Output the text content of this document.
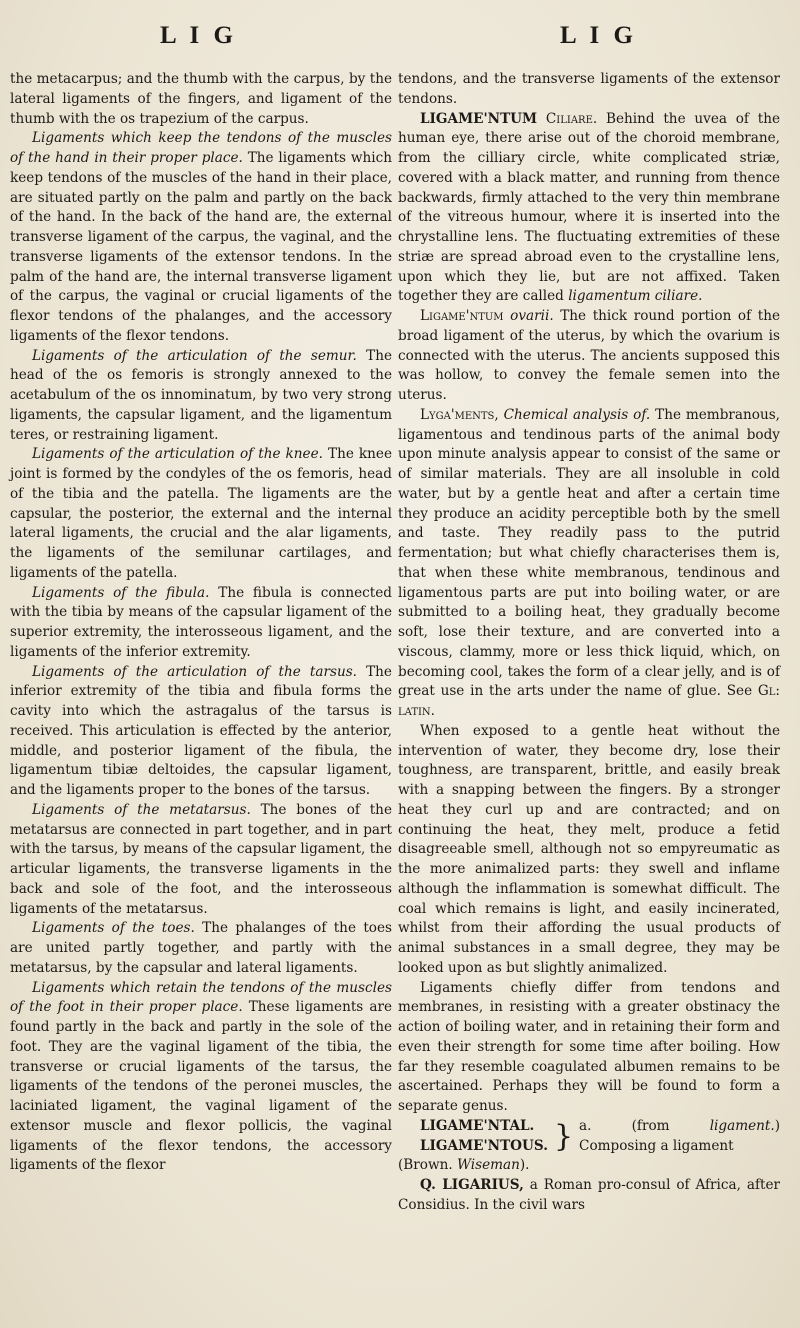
L I G	L I G

the metacarpus; and the thumb with the carpus, by the lateral ligaments of the fingers, and ligament of the thumb with the os trapezium of the carpus.

Ligaments which keep the tendons of the muscles of the hand in their proper place. The ligaments which keep tendons of the muscles of the hand in their place, are situated partly on the palm and partly on the back of the hand. In the back of the hand are, the external transverse ligament of the carpus, the vaginal, and the transverse ligaments of the extensor tendons. In the palm of the hand are, the internal transverse ligament of the carpus, the vaginal or crucial ligaments of the flexor tendons of the phalanges, and the accessory ligaments of the flexor tendons.

Ligaments of the articulation of the semur. The head of the os femoris is strongly annexed to the acetabulum of the os innominatum, by two very strong ligaments, the capsular ligament, and the ligamentum teres, or restraining ligament.

Ligaments of the articulation of the knee. The knee joint is formed by the condyles of the os femoris, head of the tibia and the patella. The ligaments are the capsular, the posterior, the external and the internal lateral ligaments, the crucial and the alar ligaments, the ligaments of the semilunar cartilages, and ligaments of the patella.

Ligaments of the fibula. The fibula is connected with the tibia by means of the capsular ligament of the superior extremity, the interosseous ligament, and the ligaments of the inferior extremity.

Ligaments of the articulation of the tarsus. The inferior extremity of the tibia and fibula forms the cavity into which the astragalus of the tarsus is received. This articulation is effected by the anterior, middle, and posterior ligament of the fibula, the ligamentum tibiæ deltoides, the capsular ligament, and the ligaments proper to the bones of the tarsus.

Ligaments of the metatarsus. The bones of the metatarsus are connected in part together, and in part with the tarsus, by means of the capsular ligament, the articular ligaments, the transverse ligaments in the back and sole of the foot, and the interosseous ligaments of the metatarsus.

Ligaments of the toes. The phalanges of the toes are united partly together, and partly with the metatarsus, by the capsular and lateral ligaments.

Ligaments which retain the tendons of the muscles of the foot in their proper place. These ligaments are found partly in the back and partly in the sole of the foot. They are the vaginal ligament of the tibia, the transverse or crucial ligaments of the tarsus, the ligaments of the tendons of the peronei muscles, the laciniated ligament, the vaginal ligament of the extensor muscle and flexor pollicis, the vaginal ligaments of the flexor tendons, the accessory ligaments of the flexor

tendons, and the transverse ligaments of the extensor tendons.

LIGAME'NTUM Ciliare. Behind the uvea of the human eye, there arise out of the choroid membrane, from the cilliary circle, white complicated striæ, covered with a black matter, and running from thence backwards, firmly attached to the very thin membrane of the vitreous humour, where it is inserted into the chrystalline lens. The fluctuating extremities of these striæ are spread abroad even to the crystalline lens, upon which they lie, but are not affixed. Taken together they are called ligamentum ciliare.

Ligame'ntum ovarii. The thick round portion of the broad ligament of the uterus, by which the ovarium is connected with the uterus. The ancients supposed this was hollow, to convey the female semen into the uterus.

Lyga'ments, Chemical analysis of. The membranous, ligamentous and tendinous parts of the animal body upon minute analysis appear to consist of the same or of similar materials. They are all insoluble in cold water, but by a gentle heat and after a certain time they produce an acidity perceptible both by the smell and taste. They readily pass to the putrid fermentation; but what chiefly characterises them is, that when these white membranous, tendinous and ligamentous parts are put into boiling water, or are submitted to a boiling heat, they gradually become soft, lose their texture, and are converted into a viscous, clammy, more or less thick liquid, which, on becoming cool, takes the form of a clear jelly, and is of great use in the arts under the name of glue. See Gl: latin.

When exposed to a gentle heat without the intervention of water, they become dry, lose their toughness, are transparent, brittle, and easily break with a snapping between the fingers. By a stronger heat they curl up and are contracted; and on continuing the heat, they melt, produce a fetid disagreeable smell, although not so empyreumatic as the more animalized parts: they swell and inflame although the inflammation is somewhat difficult. The coal which remains is light, and easily incinerated, whilst from their affording the usual products of animal substances in a small degree, they may be looked upon as but slightly animalized.

Ligaments chiefly differ from tendons and membranes, in resisting with a greater obstinacy the action of boiling water, and in retaining their form and even their strength for some time after boiling. How far they resemble coagulated albumen remains to be ascertained. Perhaps they will be found to form a separate genus.

LIGAME'NTAL.
LIGAME'NTOUS. } a. (from ligament.) Composing a ligament
(Brown. Wiseman).

Q. LIGARIUS, a Roman pro-consul of Africa, after Considius. In the civil wars
